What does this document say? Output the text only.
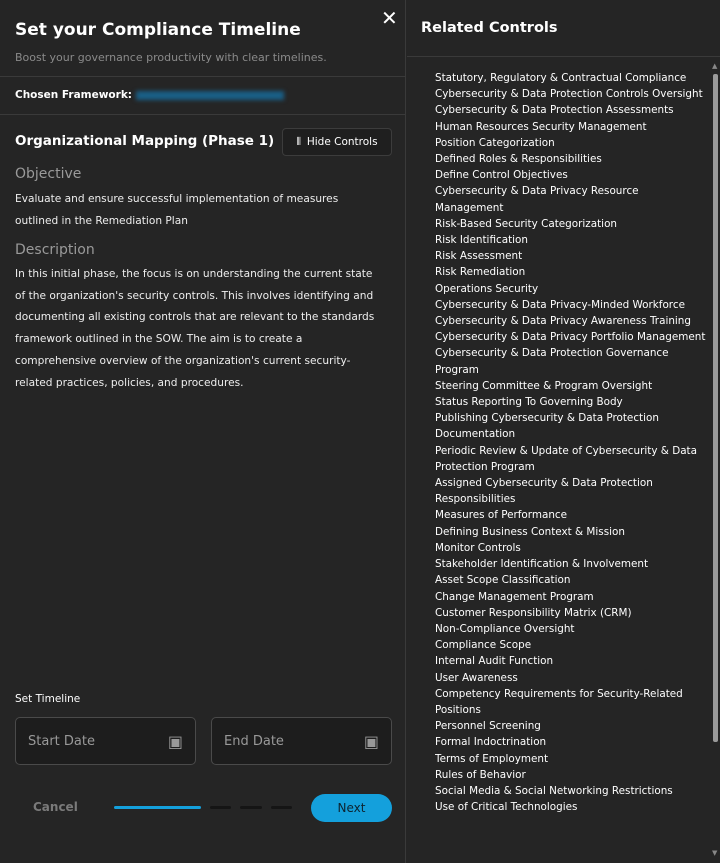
Set your Compliance Timeline
Boost your governance productivity with clear timelines.
✕
Chosen Framework:
Organizational Mapping (Phase 1) ⫴ Hide Controls
Objective
Evaluate and ensure successful implementation of measures outlined in the Remediation Plan
Description
In this initial phase, the focus is on understanding the current state of the organization's security controls. This involves identifying and documenting all existing controls that are relevant to the standards framework outlined in the SOW. The aim is to create a comprehensive overview of the organization's current security-related practices, policies, and procedures.
Set Timeline
Start Date	▣	End Date	▣
Cancel	Next
Related Controls
• Statutory, Regulatory & Contractual Compliance
• Cybersecurity & Data Protection Controls Oversight
• Cybersecurity & Data Protection Assessments
• Human Resources Security Management
• Position Categorization
• Defined Roles & Responsibilities
• Define Control Objectives
• Cybersecurity & Data Privacy Resource Management
• Risk-Based Security Categorization
• Risk Identification
• Risk Assessment
• Risk Remediation
• Operations Security
• Cybersecurity & Data Privacy-Minded Workforce
• Cybersecurity & Data Privacy Awareness Training
• Cybersecurity & Data Privacy Portfolio Management
• Cybersecurity & Data Protection Governance Program
• Steering Committee & Program Oversight
• Status Reporting To Governing Body
• Publishing Cybersecurity & Data Protection Documentation
• Periodic Review & Update of Cybersecurity & Data Protection Program
• Assigned Cybersecurity & Data Protection Responsibilities
• Measures of Performance
• Defining Business Context & Mission
• Monitor Controls
• Stakeholder Identification & Involvement
• Asset Scope Classification
• Change Management Program
• Customer Responsibility Matrix (CRM)
• Non-Compliance Oversight
• Compliance Scope
• Internal Audit Function
• User Awareness
• Competency Requirements for Security-Related Positions
• Personnel Screening
• Formal Indoctrination
• Terms of Employment
• Rules of Behavior
• Social Media & Social Networking Restrictions
• Use of Critical Technologies
▲
▼
